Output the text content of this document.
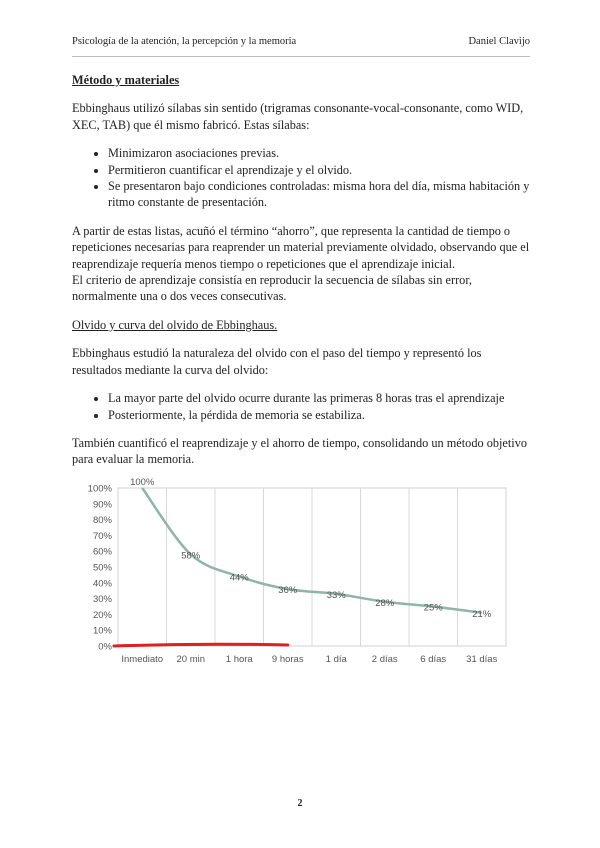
Psicología de la atención, la percepción y la memoria	Daniel Clavijo
Método y materiales

Ebbinghaus utilizó sílabas sin sentido (trigramas consonante-vocal-consonante, como WID, XEC, TAB) que él mismo fabricó. Estas sílabas:

• Minimizaron asociaciones previas.
• Permitieron cuantificar el aprendizaje y el olvido.
• Se presentaron bajo condiciones controladas: misma hora del día, misma habitación y ritmo constante de presentación.

A partir de estas listas, acuñó el término “ahorro”, que representa la cantidad de tiempo o repeticiones necesarias para reaprender un material previamente olvidado, observando que el reaprendizaje requería menos tiempo o repeticiones que el aprendizaje inicial.
El criterio de aprendizaje consistía en reproducir la secuencia de sílabas sin error, normalmente una o dos veces consecutivas.

Olvido y curva del olvido de Ebbinghaus.

Ebbinghaus estudió la naturaleza del olvido con el paso del tiempo y representó los resultados mediante la curva del olvido:

• La mayor parte del olvido ocurre durante las primeras 8 horas tras el aprendizaje
• Posteriormente, la pérdida de memoria se estabiliza.

También cuantificó el reaprendizaje y el ahorro de tiempo, consolidando un método objetivo para evaluar la memoria.

0%
10%
20%
30%
40%
50%
60%
70%
80%
90%
100%
Inmediato 20 min 1 hora 9 horas 1 día	2 días 6 días 31 días
100%
58%
44%
36%	33%
28%	25%
21%
2
